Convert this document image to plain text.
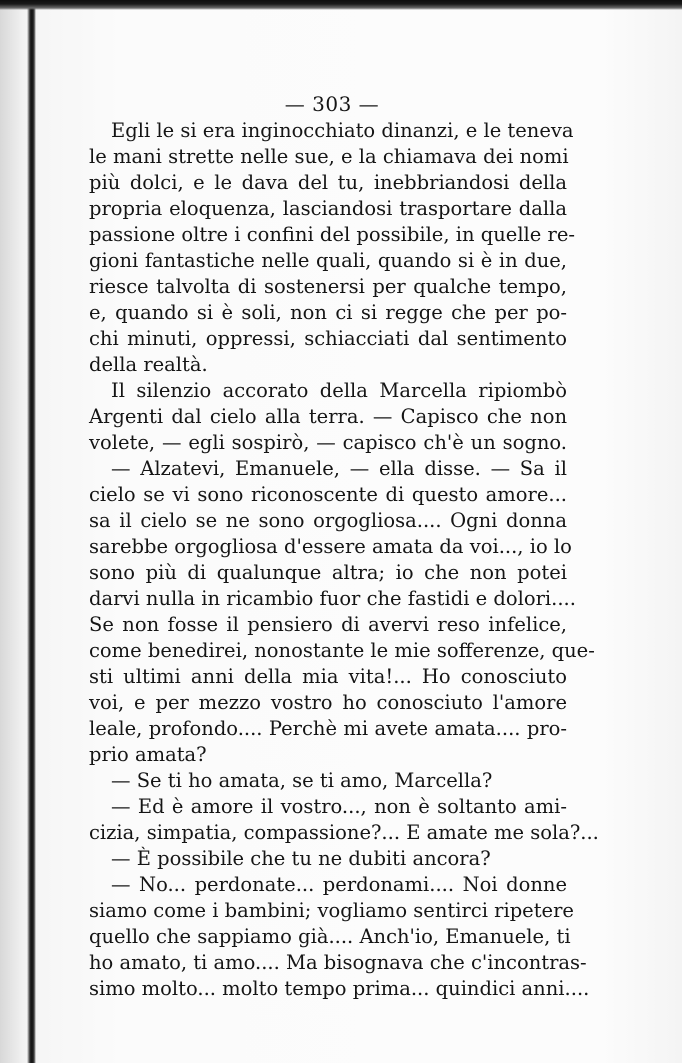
— 303 —
Egli le si era inginocchiato dinanzi, e le teneva
le mani strette nelle sue, e la chiamava dei nomi
più dolci, e le dava del tu, inebbriandosi della
propria eloquenza, lasciandosi trasportare dalla
passione oltre i confini del possibile, in quelle re-
gioni fantastiche nelle quali, quando si è in due,
riesce talvolta di sostenersi per qualche tempo,
e, quando si è soli, non ci si regge che per po-
chi minuti, oppressi, schiacciati dal sentimento
della realtà.
Il silenzio accorato della Marcella ripiombò
Argenti dal cielo alla terra. — Capisco che non
volete, — egli sospirò, — capisco ch'è un sogno.
— Alzatevi, Emanuele, — ella disse. — Sa il
cielo se vi sono riconoscente di questo amore...
sa il cielo se ne sono orgogliosa.... Ogni donna
sarebbe orgogliosa d'essere amata da voi..., io lo
sono più di qualunque altra; io che non potei
darvi nulla in ricambio fuor che fastidi e dolori....
Se non fosse il pensiero di avervi reso infelice,
come benedirei, nonostante le mie sofferenze, que-
sti ultimi anni della mia vita!... Ho conosciuto
voi, e per mezzo vostro ho conosciuto l'amore
leale, profondo.... Perchè mi avete amata.... pro-
prio amata?
— Se ti ho amata, se ti amo, Marcella?
— Ed è amore il vostro..., non è soltanto ami-
cizia, simpatia, compassione?... E amate me sola?...
— È possibile che tu ne dubiti ancora?
— No... perdonate... perdonami.... Noi donne
siamo come i bambini; vogliamo sentirci ripetere
quello che sappiamo già.... Anch'io, Emanuele, ti
ho amato, ti amo.... Ma bisognava che c'incontras-
simo molto... molto tempo prima... quindici anni....
